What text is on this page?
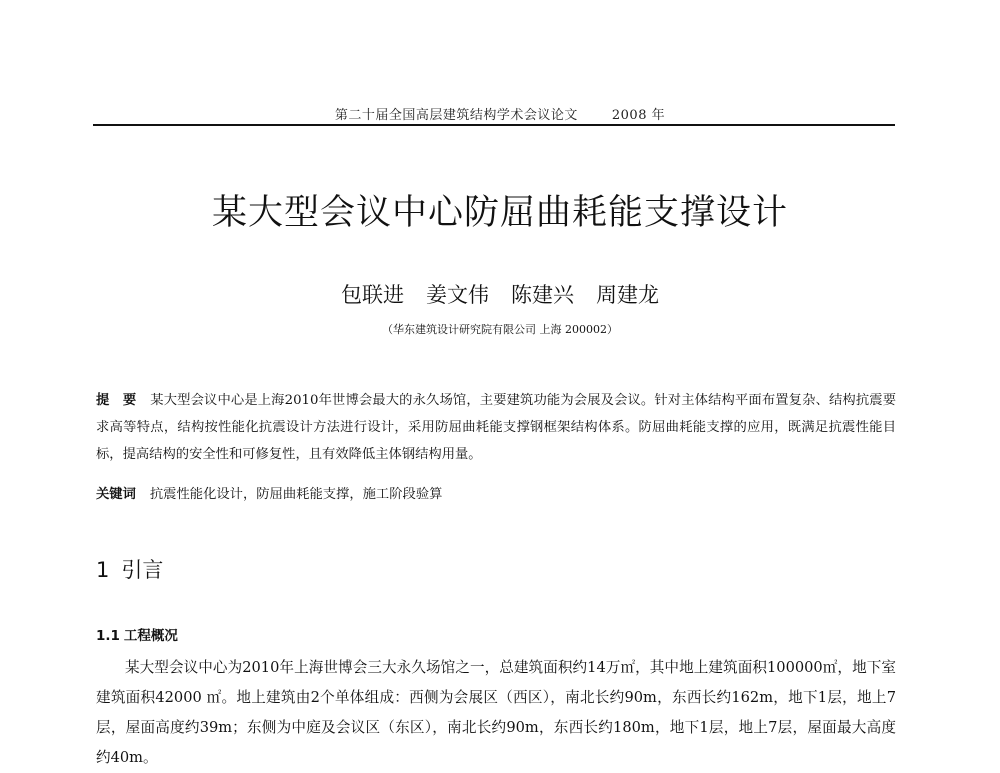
第二十届全国高层建筑结构学术会议论文	2008 年
某大型会议中心防屈曲耗能支撑设计
包联进 姜文伟 陈建兴 周建龙
（华东建筑设计研究院有限公司 上海 200002）
提　要 某大型会议中心是上海2010年世博会最大的永久场馆，主要建筑功能为会展及会议。针对主体结构平面布置复杂、结构抗震要求高等特点，结构按性能化抗震设计方法进行设计，采用防屈曲耗能支撑钢框架结构体系。防屈曲耗能支撑的应用，既满足抗震性能目标，提高结构的安全性和可修复性，且有效降低主体钢结构用量。
关键词 抗震性能化设计，防屈曲耗能支撑，施工阶段验算
1 引言
1.1 工程概况
某大型会议中心为2010年上海世博会三大永久场馆之一，总建筑面积约14万㎡，其中地上建筑面积100000㎡，地下室建筑面积42000 ㎡。地上建筑由2个单体组成：西侧为会展区（西区），南北长约90m，东西长约162m，地下1层，地上7层，屋面高度约39m；东侧为中庭及会议区（东区），南北长约90m，东西长约180m，地下1层，地上7层，屋面最大高度约40m。
